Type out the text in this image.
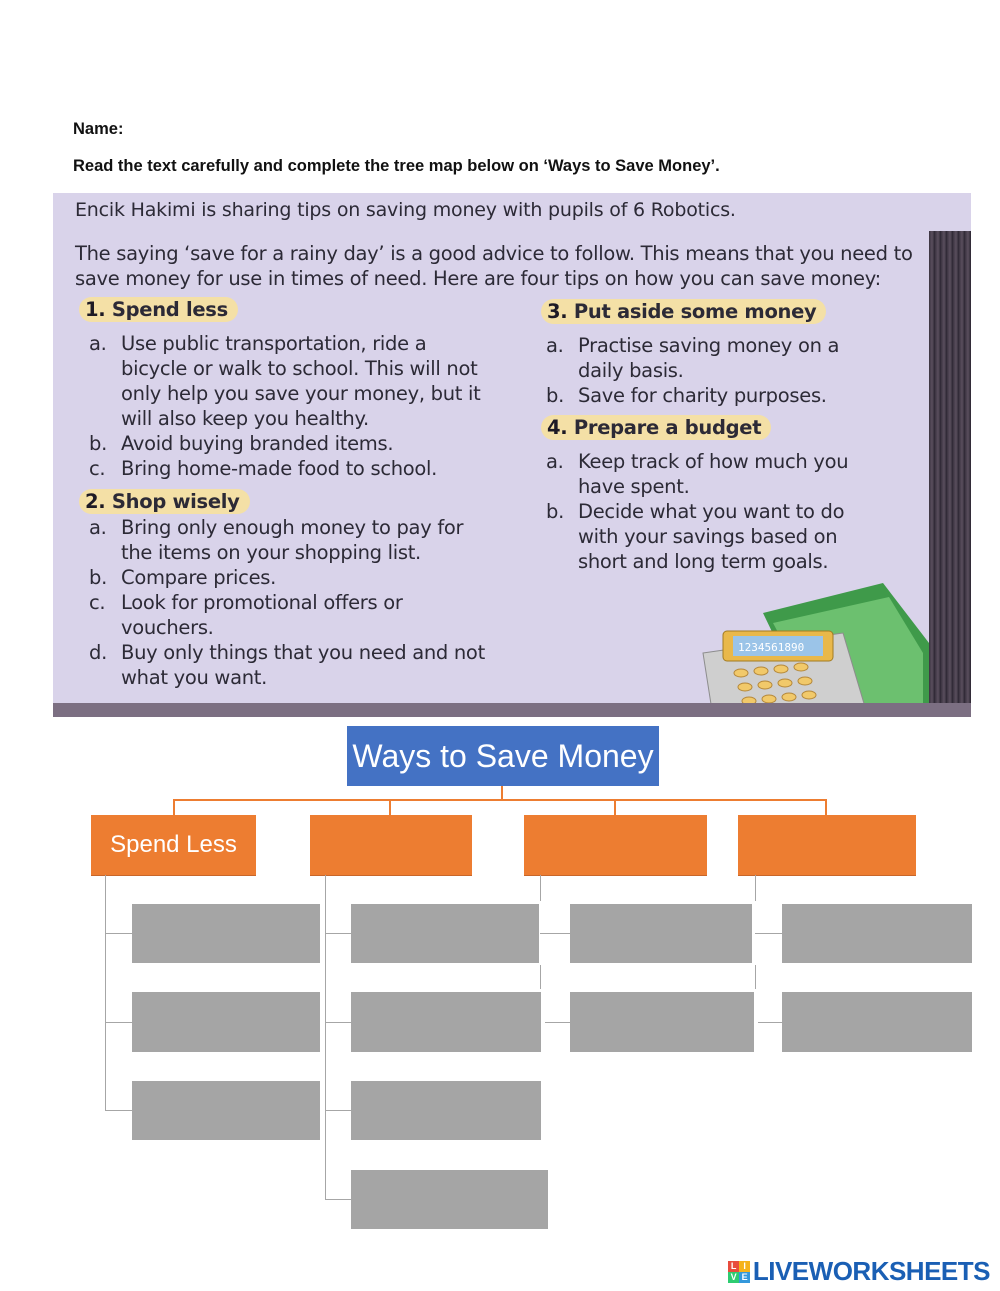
Name:
Read the text carefully and complete the tree map below on ‘Ways to Save Money’.
Encik Hakimi is sharing tips on saving money with pupils of 6 Robotics.
The saying ‘save for a rainy day’ is a good advice to follow. This means that you need to save money for use in times of need. Here are four tips on how you can save money:
1. Spend less
a. Use public transportation, ride a bicycle or walk to school. This will not only help you save your money, but it will also keep you healthy.
b. Avoid buying branded items.
c. Bring home-made food to school.
2. Shop wisely
a. Bring only enough money to pay for the items on your shopping list.
b. Compare prices.
c. Look for promotional offers or vouchers.
d. Buy only things that you need and not what you want.
3. Put aside some money
a. Practise saving money on a daily basis.
b. Save for charity purposes.
4. Prepare a budget
a. Keep track of how much you have spent.
b. Decide what you want to do with your savings based on short and long term goals.
1234561890
Ways to Save Money
Spend Less
L I
V E LIVEWORKSHEETS
